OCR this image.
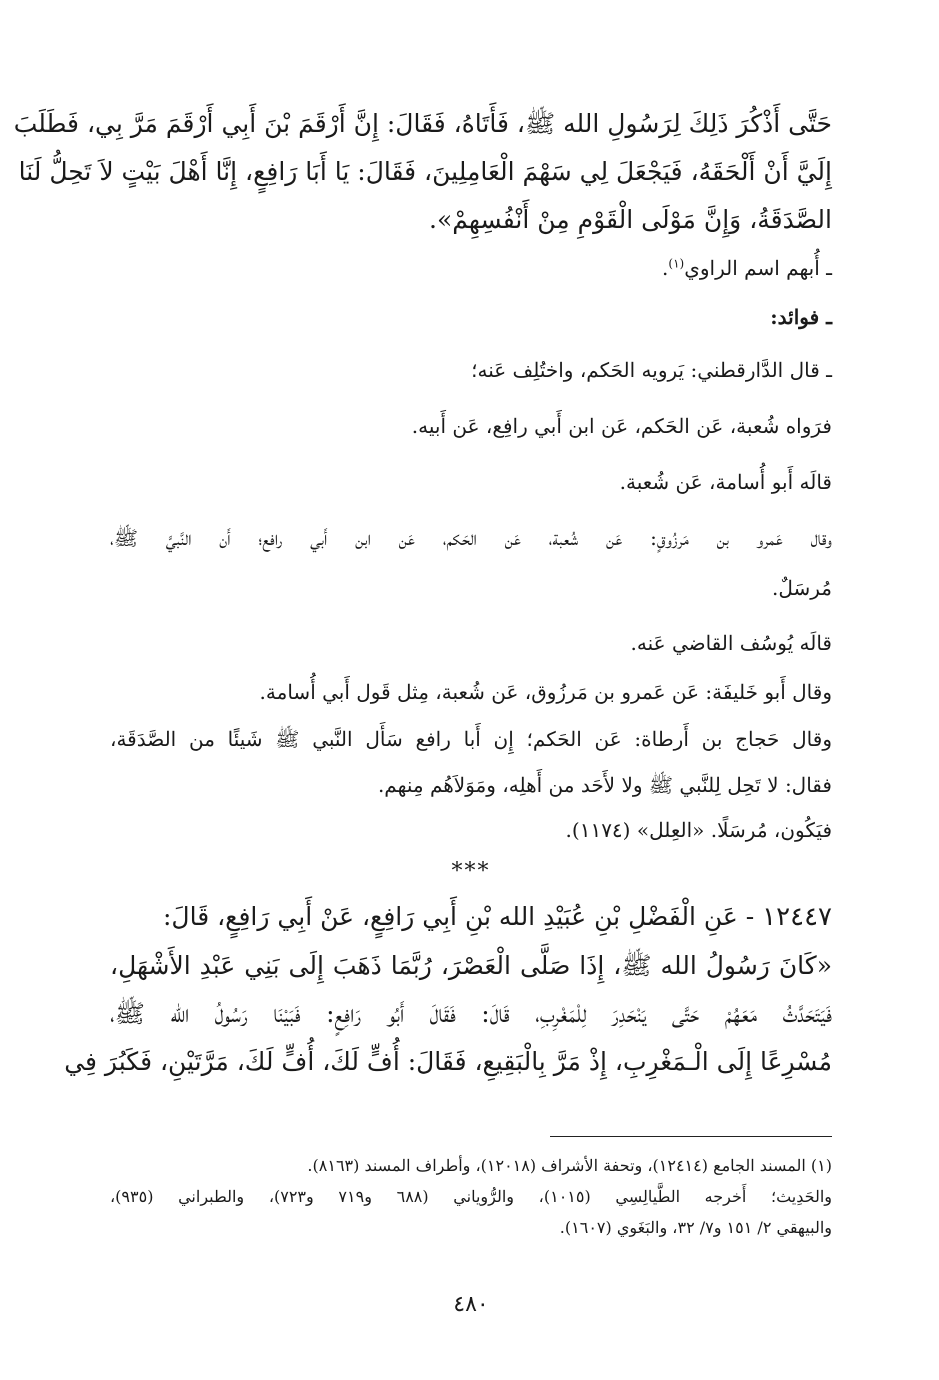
حَتَّى أَذْكُرَ ذَلِكَ لِرَسُولِ الله ﷺ، فَأَتَاهُ، فَقَالَ: إِنَّ أَرْقَمَ بْنَ أَبِي أَرْقَمَ مَرَّ بِي، فَطَلَبَ
إِلَيَّ أَنْ أَلْحَقَهُ، فَيَجْعَلَ لِي سَهْمَ الْعَامِلِينَ، فَقَالَ: يَا أَبَا رَافِعٍ، إِنَّا أَهْلَ بَيْتٍ لاَ تَحِلُّ لَنَا
الصَّدَقَةُ، وَإِنَّ مَوْلَى الْقَوْمِ مِنْ أَنْفُسِهِمْ».
ـ أُبهم اسم الراوي$^{(١)}$.
ـ فوائد:
ـ قال الدَّارقطني: يَرويه الحَكم، واختُلِف عَنه؛
فرَواه شُعبة، عَن الحَكم، عَن ابن أَبي رافِع، عَن أَبيه.
قالَه أَبو أُسامة، عَن شُعبة.
وقال عَمرو بن مَرزُوقٍ: عَن شُعبة، عَن الحَكم، عَن ابن أَبي رافع؛ أَن النَّبيَّ ﷺ،
مُرسَلٌ.
قالَه يُوسُف القاضي عَنه.
وقال أَبو خَليفَة: عَن عَمرو بن مَرزُوق، عَن شُعبة، مِثل قَول أَبي أُسامة.
وقال حَجاج بن أَرطاة: عَن الحَكم؛ إِن أَبا رافع سَأَل النَّبي ﷺ شَيئًا من الصَّدَقَة،
فقال: لا تَحِل لِلنَّبي ﷺ ولا لأَحَد من أَهلِه، ومَوَلاَهُم مِنهم.
فيَكُون، مُرسَلًا. «العِلل» (١١٧٤).
***
١٢٤٤٧ - عَنِ الْفَضْلِ بْنِ عُبَيْدِ الله بْنِ أَبِي رَافِعٍ، عَنْ أَبِي رَافِعٍ، قَالَ:
«كَانَ رَسُولُ الله ﷺ، إِذَا صَلَّى الْعَصْرَ، رُبَّمَا ذَهَبَ إِلَى بَنِي عَبْدِ الأَشْهَلِ،
فَيَتَحَدَّثُ مَعَهُمْ حَتَّى يَنْحَدِرَ لِلْمَغْرِبِ، قَالَ: فَقَالَ أَبُو رَافِعٍ: فَبَيْنَا رَسُولُ الله ﷺ،
مُسْرِعًا إِلَى الْـمَغْرِبِ، إِذْ مَرَّ بِالْبَقِيعِ، فَقَالَ: أُفٍّ لَكَ، أُفٍّ لَكَ، مَرَّتَيْنِ، فَكَبُرَ فِي
(١) المسند الجامع (١٢٤١٤)، وتحفة الأشراف (١٢٠١٨)، وأطراف المسند (٨١٦٣).
والحَدِيث؛ أَخرجه الطَّيالِسِي (١٠١٥)، والرُّوياني (٦٨٨ و٧١٩ و٧٢٣)، والطبراني (٩٣٥)،
والبيهقي ٢/ ١٥١ و٧/ ٣٢، والبَغَوي (١٦٠٧).
٤٨٠
